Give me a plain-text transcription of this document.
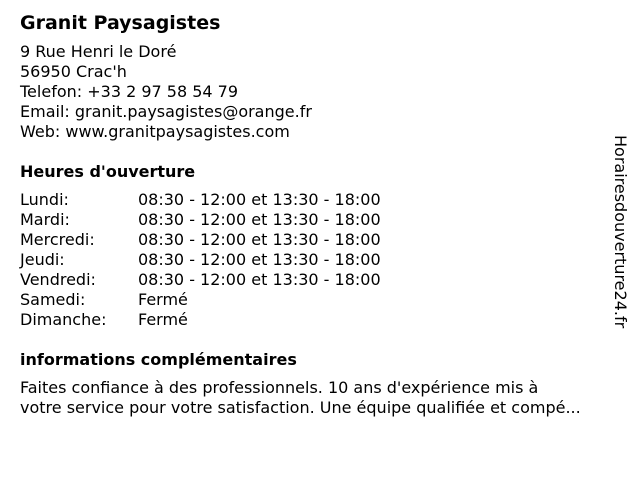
Granit Paysagistes
9 Rue Henri le Doré
56950 Crac'h
Telefon: +33 2 97 58 54 79
Email: granit.paysagistes@orange.fr
Web: www.granitpaysagistes.com
Heures d'ouverture
Lundi:	08:30 - 12:00 et 13:30 - 18:00
Mardi:	08:30 - 12:00 et 13:30 - 18:00
Mercredi:	08:30 - 12:00 et 13:30 - 18:00
Jeudi:	08:30 - 12:00 et 13:30 - 18:00
Vendredi:	08:30 - 12:00 et 13:30 - 18:00
Samedi:	Fermé
Dimanche:	Fermé
informations complémentaires
Faites confiance à des professionnels. 10 ans d'expérience mis à
votre service pour votre satisfaction. Une équipe qualifiée et compé...
Horairesdouverture24.fr
